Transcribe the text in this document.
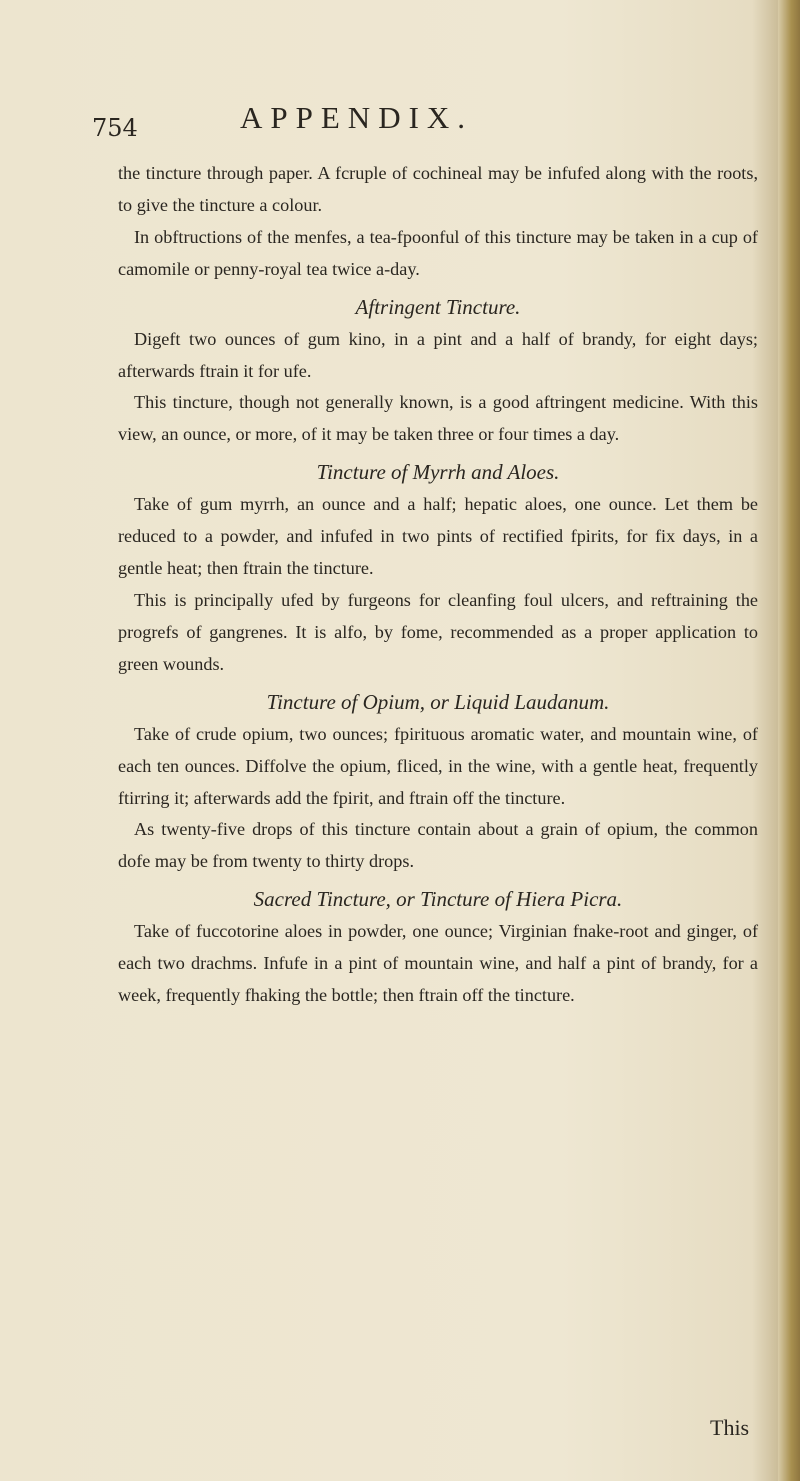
754	APPENDIX.

the tincture through paper. A fcruple of cochineal may be infufed along with the roots, to give the tincture a colour.

In obftructions of the menfes, a tea-fpoonful of this tincture may be taken in a cup of camomile or penny-royal tea twice a-day.

Aftringent Tincture.

Digeft two ounces of gum kino, in a pint and a half of brandy, for eight days; afterwards ftrain it for ufe.

This tincture, though not generally known, is a good aftringent medicine. With this view, an ounce, or more, of it may be taken three or four times a day.

Tincture of Myrrh and Aloes.

Take of gum myrrh, an ounce and a half; hepatic aloes, one ounce. Let them be reduced to a powder, and infufed in two pints of rectified fpirits, for fix days, in a gentle heat; then ftrain the tincture.

This is principally ufed by furgeons for cleanfing foul ulcers, and reftraining the progrefs of gangrenes. It is alfo, by fome, recommended as a proper application to green wounds.

Tincture of Opium, or Liquid Laudanum.

Take of crude opium, two ounces; fpirituous aromatic water, and mountain wine, of each ten ounces. Diffolve the opium, fliced, in the wine, with a gentle heat, frequently ftirring it; afterwards add the fpirit, and ftrain off the tincture.

As twenty-five drops of this tincture contain about a grain of opium, the common dofe may be from twenty to thirty drops.

Sacred Tincture, or Tincture of Hiera Picra.

Take of fuccotorine aloes in powder, one ounce; Virginian fnake-root and ginger, of each two drachms. Infufe in a pint of mountain wine, and half a pint of brandy, for a week, frequently fhaking the bottle; then ftrain off the tincture.

This
